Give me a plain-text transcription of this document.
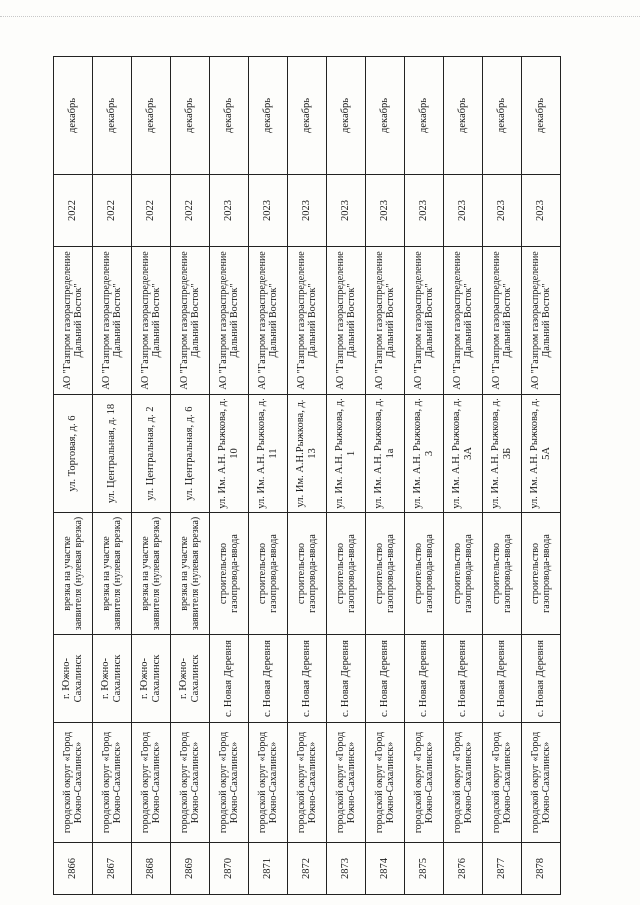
2866	городской округ «Город Южно-Сахалинск»	г. Южно-Сахалинск	врезка на участке заявителя (нулевая врезка)	ул. Торговая, д. 6	АО "Газпром газораспределение Дальний Восток"	2022	декабрь
2867	городской округ «Город Южно-Сахалинск»	г. Южно-Сахалинск	врезка на участке заявителя (нулевая врезка)	ул. Центральная, д. 18	АО "Газпром газораспределение Дальний Восток"	2022	декабрь
2868	городской округ «Город Южно-Сахалинск»	г. Южно-Сахалинск	врезка на участке заявителя (нулевая врезка)	ул. Центральная, д. 2	АО "Газпром газораспределение Дальний Восток"	2022	декабрь
2869	городской округ «Город Южно-Сахалинск»	г. Южно-Сахалинск	врезка на участке заявителя (нулевая врезка)	ул. Центральная, д. 6	АО "Газпром газораспределение Дальний Восток"	2022	декабрь
2870	городской округ «Город Южно-Сахалинск»	с. Новая Деревня	строительство газопровода-ввода	ул. Им. А.Н. Рыжкова, д. 10	АО "Газпром газораспределение Дальний Восток"	2023	декабрь
2871	городской округ «Город Южно-Сахалинск»	с. Новая Деревня	строительство газопровода-ввода	ул. Им. А.Н. Рыжкова, д. 11	АО "Газпром газораспределение Дальний Восток"	2023	декабрь
2872	городской округ «Город Южно-Сахалинск»	с. Новая Деревня	строительство газопровода-ввода	ул. Им. А.Н.Рыжкова, д. 13	АО "Газпром газораспределение Дальний Восток"	2023	декабрь
2873	городской округ «Город Южно-Сахалинск»	с. Новая Деревня	строительство газопровода-ввода	ул. Им. А.Н. Рыжкова, д. 1	АО "Газпром газораспределение Дальний Восток"	2023	декабрь
2874	городской округ «Город Южно-Сахалинск»	с. Новая Деревня	строительство газопровода-ввода	ул. Им. А.Н. Рыжкова, д. 1а	АО "Газпром газораспределение Дальний Восток"	2023	декабрь
2875	городской округ «Город Южно-Сахалинск»	с. Новая Деревня	строительство газопровода-ввода	ул. Им. А.Н. Рыжкова, д. 3	АО "Газпром газораспределение Дальний Восток"	2023	декабрь
2876	городской округ «Город Южно-Сахалинск»	с. Новая Деревня	строительство газопровода-ввода	ул. Им. А.Н. Рыжкова, д. 3А	АО "Газпром газораспределение Дальний Восток"	2023	декабрь
2877	городской округ «Город Южно-Сахалинск»	с. Новая Деревня	строительство газопровода-ввода	ул. Им. А.Н. Рыжкова, д. 3Б	АО "Газпром газораспределение Дальний Восток"	2023	декабрь
2878	городской округ «Город Южно-Сахалинск»	с. Новая Деревня	строительство газопровода-ввода	ул. Им. А.Н. Рыжкова, д. 5А	АО "Газпром газораспределение Дальний Восток"	2023	декабрь
